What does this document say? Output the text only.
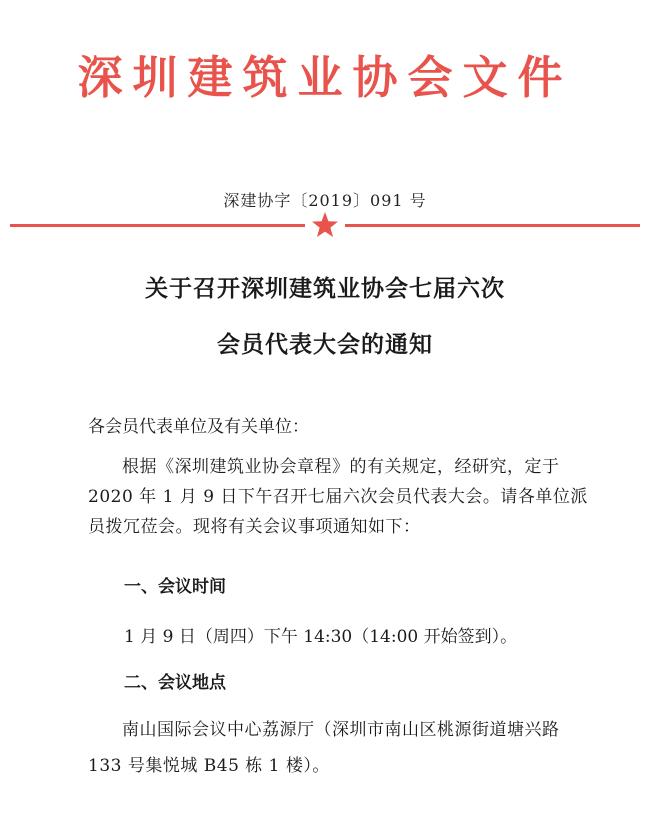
深圳建筑业协会文件
深建协字〔2019〕091 号
关于召开深圳建筑业协会七届六次
会员代表大会的通知
各会员代表单位及有关单位：
根据《深圳建筑业协会章程》的有关规定，经研究，定于 2020 年 1 月 9 日下午召开七届六次会员代表大会。请各单位派员拨冗莅会。现将有关会议事项通知如下：
一、会议时间
1 月 9 日（周四）下午 14:30（14:00 开始签到）。
二、会议地点
南山国际会议中心荔源厅（深圳市南山区桃源街道塘兴路 133 号集悦城 B45 栋 1 楼）。
